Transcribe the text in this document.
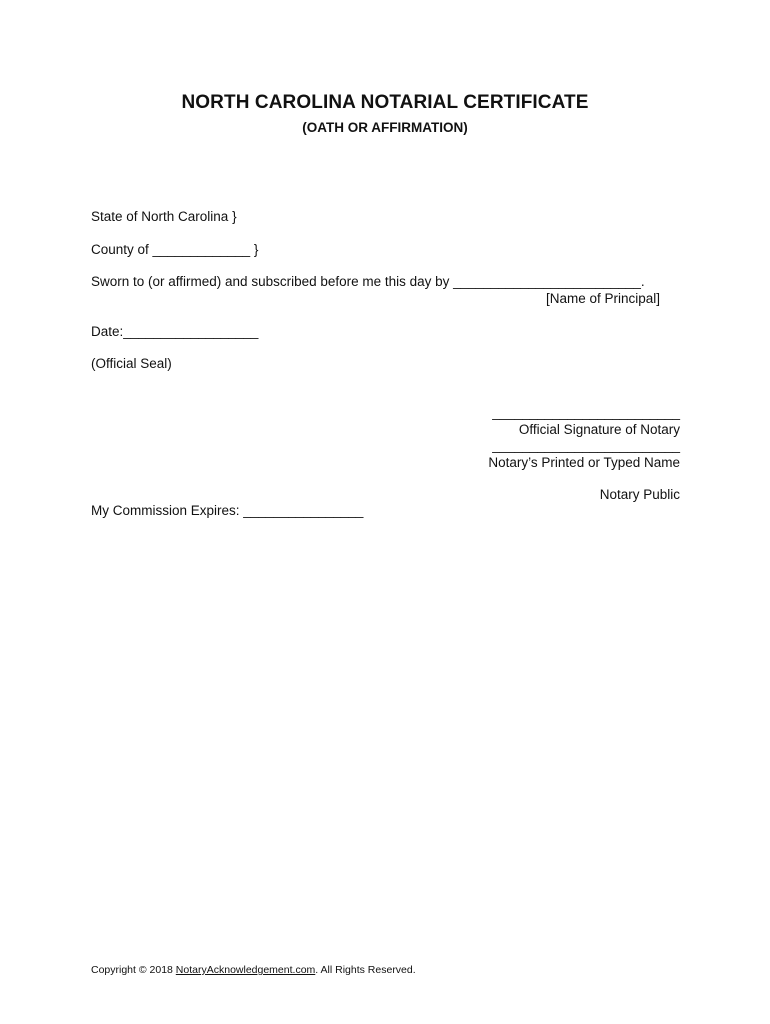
NORTH CAROLINA NOTARIAL CERTIFICATE
(OATH OR AFFIRMATION)
State of North Carolina }
County of _____________ }
Sworn to (or affirmed) and subscribed before me this day by _________________________.
[Name of Principal]
Date:__________________
(Official Seal)
_________________________
Official Signature of Notary
_________________________
Notary’s Printed or Typed Name
Notary Public
My Commission Expires: ________________
Copyright © 2018 NotaryAcknowledgement.com. All Rights Reserved.
